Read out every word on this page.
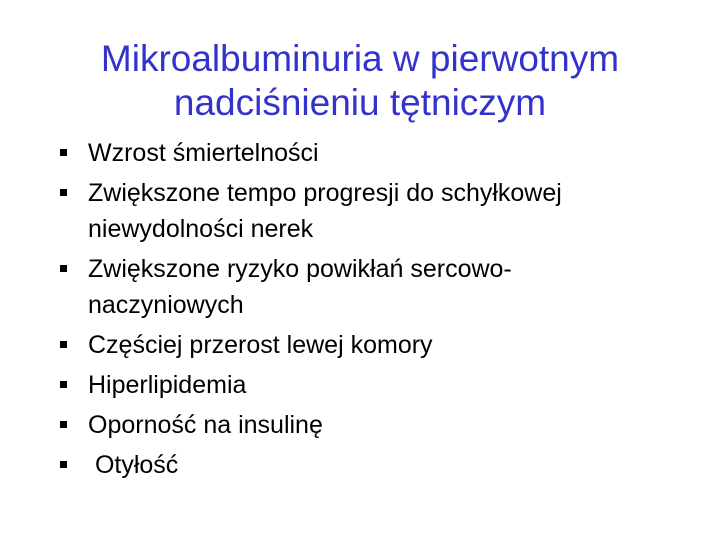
Mikroalbuminuria w pierwotnym
nadciśnieniu tętniczym
Wzrost śmiertelności
Zwiększone tempo progresji do schyłkowej
niewydolności nerek
Zwiększone ryzyko powikłań sercowo-
naczyniowych
Częściej przerost lewej komory
Hiperlipidemia
Oporność na insulinę
Otyłość
